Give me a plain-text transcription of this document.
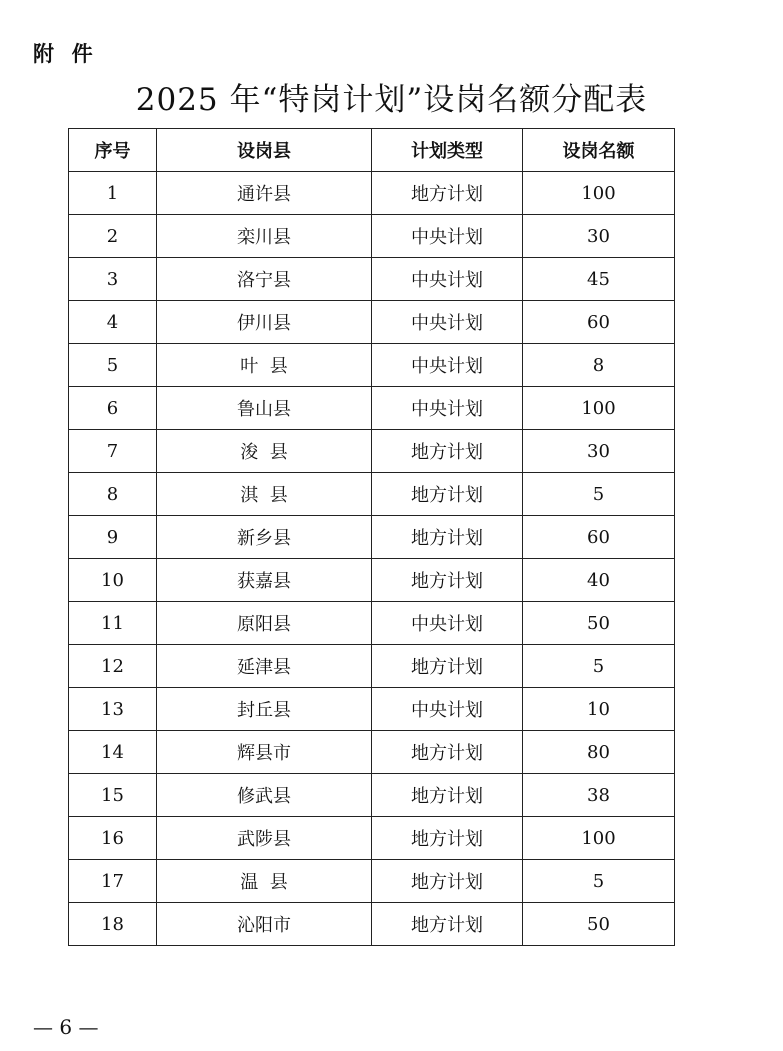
附  件
2025 年“特岗计划”设岗名额分配表
序号	设岗县	计划类型	设岗名额
1	通许县	地方计划	100
2	栾川县	中央计划	30
3	洛宁县	中央计划	45
4	伊川县	中央计划	60
5	叶  县	中央计划	8
6	鲁山县	中央计划	100
7	浚  县	地方计划	30
8	淇  县	地方计划	5
9	新乡县	地方计划	60
10	获嘉县	地方计划	40
11	原阳县	中央计划	50
12	延津县	地方计划	5
13	封丘县	中央计划	10
14	辉县市	地方计划	80
15	修武县	地方计划	38
16	武陟县	地方计划	100
17	温  县	地方计划	5
18	沁阳市	地方计划	50
— 6 —
